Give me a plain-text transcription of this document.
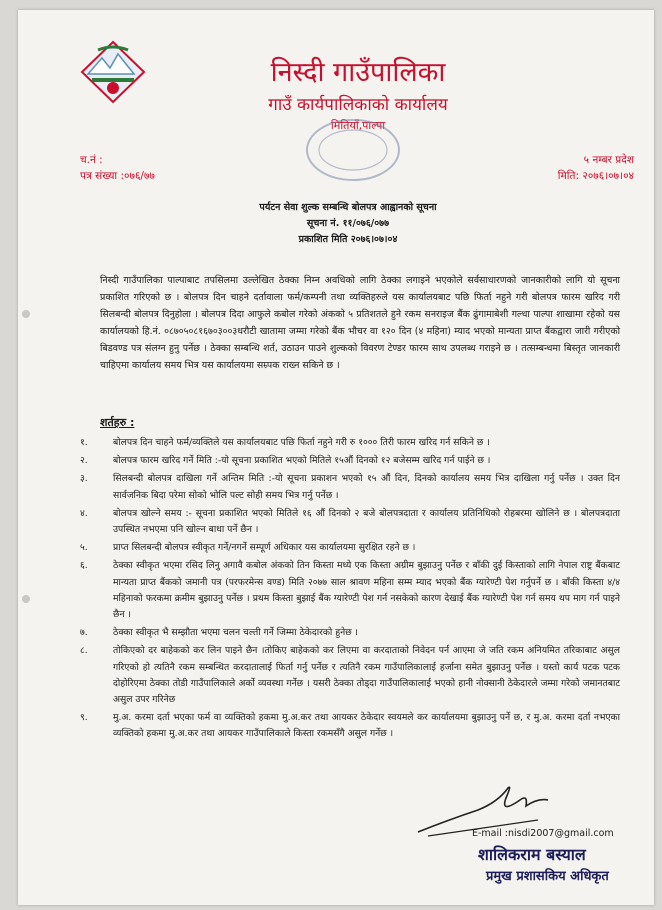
निस्दी गाउँपालिका
गाउँ कार्यपालिकाको कार्यालय
मितियाँ,पाल्पा
च.नं :
पत्र संख्या :०७६/७७
५ नम्बर प्रदेश
मिति: २०७६।०७।०४
पर्यटन सेवा शुल्क सम्बन्धि बोलपत्र आह्वानको सूचना
सूचना नं. ११/०७६/०७७
प्रकाशित मिति २०७६।०७।०४
निस्दी गाउँपालिका पाल्पाबाट तपसिलमा उल्लेखित ठेक्का निम्न अवधिको लागि ठेक्का लगाइने भएकोले सर्वसाधारणको जानकारीको लागि यो सूचना प्रकाशित गरिएको छ । बोलपत्र दिन चाहने दर्तावाला फर्म/कम्पनी तथा व्यक्तिहरुले यस कार्यालयबाट पछि फिर्ता नहुने गरी बोलपत्र फारम खरिद गरी सिलबन्दी बोलपत्र दिनुहोला । बोलपत्र दिदा आफुले कबोल गरेको अंकको ५ प्रतिशतले हुने रकम सनराइज बैंक ढुंगामाबेशी गल्धा पाल्पा शाखामा रहेको यस कार्यालयको हि.नं. ०८७०५०८१६७०३००३धरौटी खातामा जम्मा गरेको बैंक भौचर वा १२० दिन (४ महिना) म्याद भएको मान्यता प्राप्त बैंकद्वारा जारी गरीएको बिडवण्ड पत्र संलग्न हुनु पर्नेछ । ठेक्का सम्बन्धि शर्त, उठाउन पाउने शुल्कको विवरण टेण्डर फारम साथ उपलब्ध गराइने छ । तत्सम्बन्धमा बिस्तृत जानकारी चाहिएमा कार्यालय समय भित्र यस कार्यालयमा सम्र्पक राख्न सकिने छ ।
शर्तहरु :
१.	बोलपत्र दिन चाहने फर्म/व्यक्तिले यस कार्यालयबाट पछि फिर्ता नहुने गरी रु १००० तिरी फारम खरिद गर्न सकिने छ ।
२.	बोलपत्र फारम खरिद गर्ने मिति :-यो सूचना प्रकाशित भएको मितिले १५औं दिनको १२ बजेसम्म खरिद गर्न पाईने छ ।
३.	सिलबन्दी बोलपत्र दाखिला गर्ने अन्तिम मिति :-यो सूचना प्रकाशन भएको १५ औं दिन, दिनको कार्यालय समय भित्र दाखिला गर्नु पर्नेछ । उक्त दिन सार्वजनिक बिदा परेमा सोको भोलि पल्ट सोही समय भित्र गर्नु पर्नेछ ।
४.	बोलपत्र खोल्ने समय :- सूचना प्रकाशित भएको मितिले १६ औं दिनको २ बजे बोलपत्रदाता र कार्यालय प्रतिनिधिको रोहबरमा खोलिने छ । बोलपत्रदाता उपस्थित नभएमा पनि खोल्न बाधा पर्ने छैन ।
५.	प्राप्त सिलबन्दी बोलपत्र स्वीकृत गर्ने/नगर्ने सम्पूर्ण अधिकार यस कार्यालयमा सुरक्षित रहने छ ।
६.	ठेक्का स्वीकृत भएमा रसिद लिनु अगावै कबोल अंकको तिन किस्ता मध्ये एक किस्ता अग्रीम बुझाउनु पर्नेछ र बाँकी दुई किस्ताको लागि नेपाल राष्ट्र बैंकबाट मान्यता प्राप्त बैंकको जमानी पत्र (परफरमेन्स वण्ड) मिति २०७७ साल श्रावण महिना सम्म म्याद भएको बैंक ग्यारेण्टी पेश गर्नुपर्ने छ । बाँकी किस्ता ४/४ महिनाको फरकमा क्रमीम बुझाउनु पर्नेछ । प्रथम किस्ता बुझाई बैंक ग्यारेण्टी पेश गर्न नसकेको कारण देखाई बैंक ग्यारेण्टी पेश गर्न समय थप माग गर्न पाइने छैन ।
७.	ठेक्का स्वीकृत भै सम्झौता भएमा चलन चल्ती गर्ने जिम्मा ठेकेदारको हुनेछ ।
८.	तोकिएको दर बाहेकको कर लिन पाइने छैन ।तोकिए बाहेकको कर लिएमा वा करदाताको निवेदन पर्न आएमा जे जति रकम अनियमित तरिकाबाट असुल गरिएको हो त्यतिनै रकम सम्बन्धित करदातालाई फिर्ता गर्नु पर्नेछ र त्यतिनै रकम गाउँपालिकालाई हर्जाना समेत बुझाउनु पर्नेछ । यस्तो कार्य पटक पटक दोहोरिएमा ठेक्का तोडी गाउँपालिकाले अर्को व्यवस्था गर्नेछ । यसरी ठेक्का तोड्दा गाउँपालिकालाई भएको हानी नोक्सानी ठेकेदारले जम्मा गरेको जमानतबाट असुल उपर गरिनेछ
९.	मु.अ. करमा दर्ता भएका फर्म वा व्यक्तिको हकमा मु.अ.कर तथा आयकर ठेकेदार स्वयमले कर कार्यालयमा बुझाउनु पर्ने छ, र मु.अ. करमा दर्ता नभएका व्यक्तिको हकमा मु.अ.कर तथा आयकर गाउँपालिकाले किस्ता रकमसँगै असुल गर्नेछ ।
E-mail :nisdi2007@gmail.com
शालिकराम बस्याल
प्रमुख प्रशासकिय अधिकृत
